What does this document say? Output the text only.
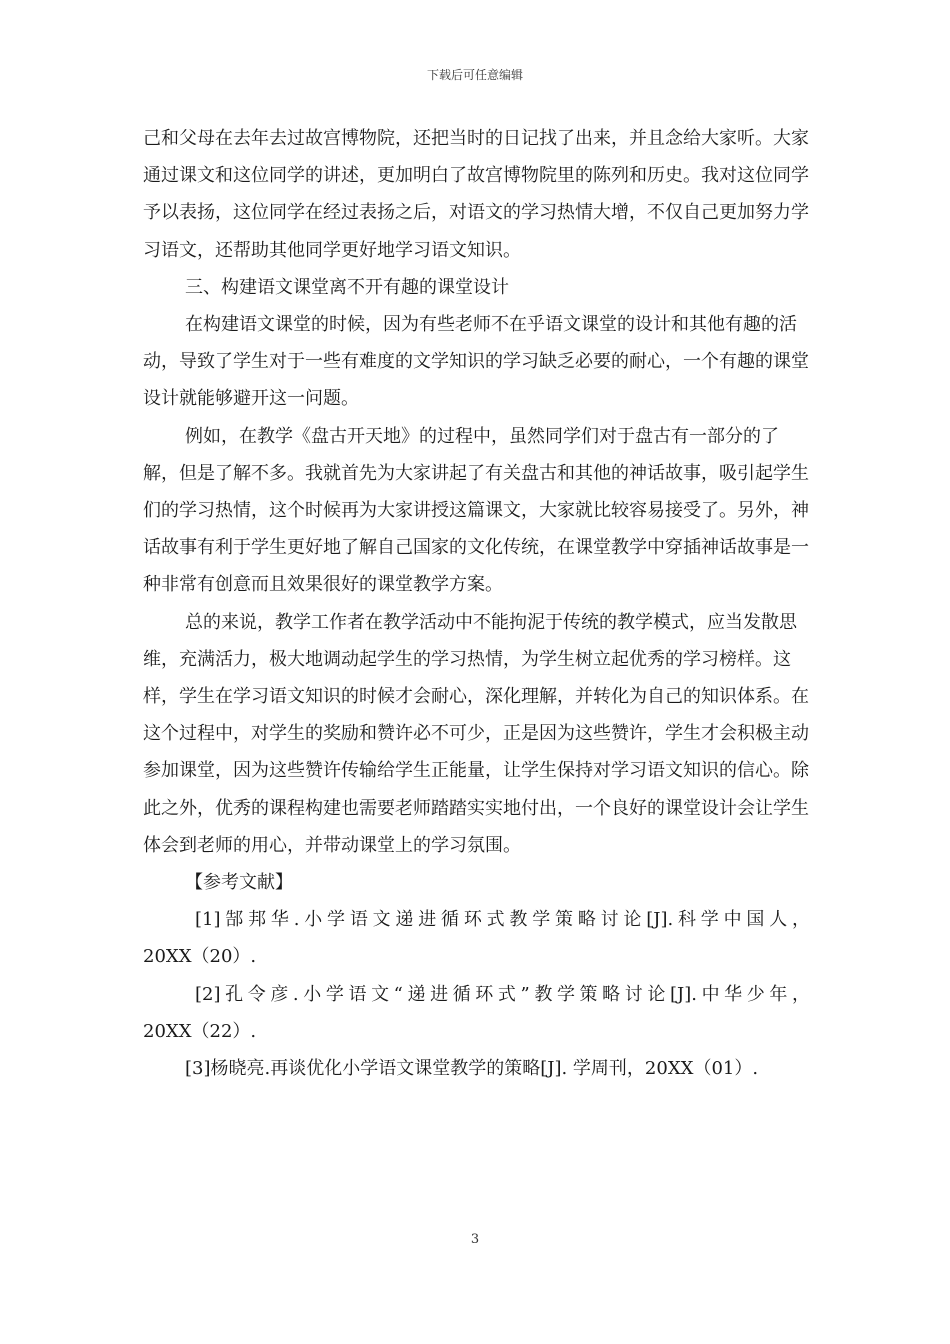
下载后可任意编辑

己和父母在去年去过故宫博物院，还把当时的日记找了出来，并且念给大家听。大家通过课文和这位同学的讲述，更加明白了故宫博物院里的陈列和历史。我对这位同学予以表扬，这位同学在经过表扬之后，对语文的学习热情大增，不仅自己更加努力学习语文，还帮助其他同学更好地学习语文知识。

三、构建语文课堂离不开有趣的课堂设计

在构建语文课堂的时候，因为有些老师不在乎语文课堂的设计和其他有趣的活动，导致了学生对于一些有难度的文学知识的学习缺乏必要的耐心，一个有趣的课堂设计就能够避开这一问题。

例如，在教学《盘古开天地》的过程中，虽然同学们对于盘古有一部分的了解，但是了解不多。我就首先为大家讲起了有关盘古和其他的神话故事，吸引起学生们的学习热情，这个时候再为大家讲授这篇课文，大家就比较容易接受了。另外，神话故事有利于学生更好地了解自己国家的文化传统，在课堂教学中穿插神话故事是一种非常有创意而且效果很好的课堂教学方案。

总的来说，教学工作者在教学活动中不能拘泥于传统的教学模式，应当发散思维，充满活力，极大地调动起学生的学习热情，为学生树立起优秀的学习榜样。这样，学生在学习语文知识的时候才会耐心，深化理解，并转化为自己的知识体系。在这个过程中，对学生的奖励和赞许必不可少，正是因为这些赞许，学生才会积极主动参加课堂，因为这些赞许传输给学生正能量，让学生保持对学习语文知识的信心。除此之外，优秀的课程构建也需要老师踏踏实实地付出，一个良好的课堂设计会让学生体会到老师的用心，并带动课堂上的学习氛围。

【参考文献】

[1]郜邦华.小学语文递进循环式教学策略讨论[J].科学中国人，

20XX（20）.

[2]孔令彦.小学语文“递进循环式”教学策略讨论[J].中华少年，

20XX（22）.

[3]杨晓亮.再谈优化小学语文课堂教学的策略[J]. 学周刊，20XX（01）.

3
